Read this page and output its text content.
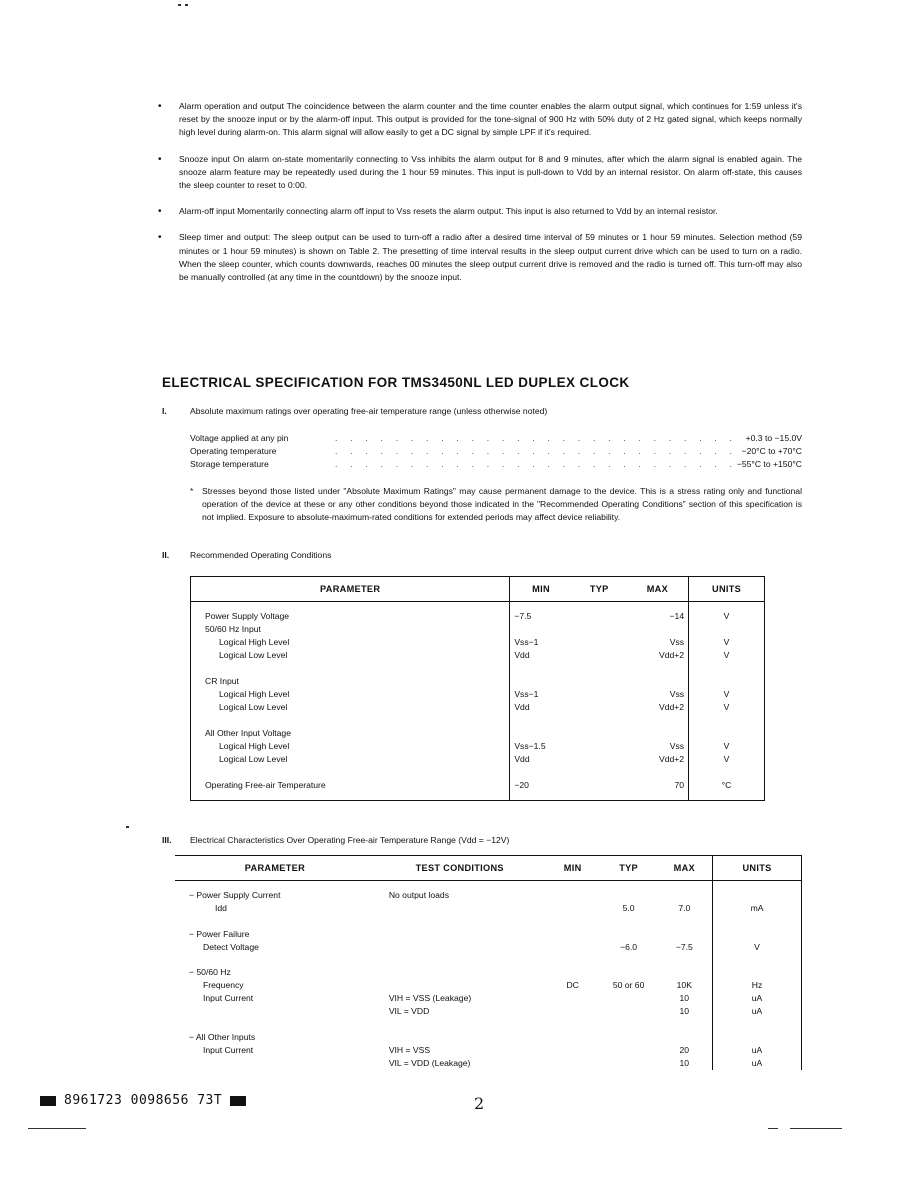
• Alarm operation and output The coincidence between the alarm counter and the time counter enables the alarm output signal, which continues for 1:59 unless it's reset by the snooze input or by the alarm-off input. This output is provided for the tone-signal of 900 Hz with 50% duty of 2 Hz gated signal, which keeps normally high level during alarm-on. This alarm signal will allow easily to get a DC signal by simple LPF if it's required.
• Snooze input On alarm on-state momentarily connecting to Vss inhibits the alarm output for 8 and 9 minutes, after which the alarm signal is enabled again. The snooze alarm feature may be repeatedly used during the 1 hour 59 minutes. This input is pull-down to Vdd by an internal resistor. On alarm off-state, this causes the sleep counter to reset to 0:00.
• Alarm-off input Momentarily connecting alarm off input to Vss resets the alarm output. This input is also returned to Vdd by an internal resistor.
• Sleep timer and output: The sleep output can be used to turn-off a radio after a desired time interval of 59 minutes or 1 hour 59 minutes. Selection method (59 minutes or 1 hour 59 minutes) is shown on Table 2. The presetting of time interval results in the sleep output current drive which can be used to turn on a radio. When the sleep counter, which counts downwards, reaches 00 minutes the sleep output current drive is removed and the radio is turned off. This turn-off may also be manually controlled (at any time in the countdown) by the snooze input.
ELECTRICAL SPECIFICATION FOR TMS3450NL LED DUPLEX CLOCK
I.	Absolute maximum ratings over operating free-air temperature range (unless otherwise noted)
Voltage applied at any pin	. . . . . . . . . . . . . . . . . . . . . . . . . . . +0.3 to −15.0V
Operating temperature	. . . . . . . . . . . . . . . . . . . . . . . . . . . −20°C to +70°C
Storage temperature	. . . . . . . . . . . . . . . . . . . . . . . . . . . −55°C to +150°C
* Stresses beyond those listed under "Absolute Maximum Ratings" may cause permanent damage to the device. This is a stress rating only and functional operation of the device at these or any other conditions beyond those indicated in the "Recommended Operating Conditions" section of this specification is not implied. Exposure to absolute-maximum-rated conditions for extended periods may affect device reliability.
II. Recommended Operating Conditions
PARAMETER	MIN	TYP	MAX	UNITS
Power Supply Voltage	−7.5		−14	V
50/60 Hz Input				
Logical High Level	Vss−1		Vss	V
Logical Low Level	Vdd		Vdd+2	V

CR Input				
Logical High Level	Vss−1		Vss	V
Logical Low Level	Vdd		Vdd+2	V

All Other Input Voltage				
Logical High Level	Vss−1.5		Vss	V
Logical Low Level	Vdd		Vdd+2	V

Operating Free-air Temperature	−20		70	°C
III. Electrical Characteristics Over Operating Free-air Temperature Range (Vdd = −12V)
PARAMETER	TEST CONDITIONS	MIN	TYP	MAX	UNITS
− Power Supply Current	No output loads				
Idd			5.0	7.0	mA

− Power Failure					
Detect Voltage			−6.0	−7.5	V

− 50/60 Hz					
Frequency		DC	50 or 60	10K	Hz
Input Current	VIH = VSS (Leakage)			10	uA
	VIL = VDD			10	uA

− All Other Inputs					
Input Current	VIH = VSS			20	uA
	VIL = VDD (Leakage)			10	uA
8961723 0098656 73T	2
